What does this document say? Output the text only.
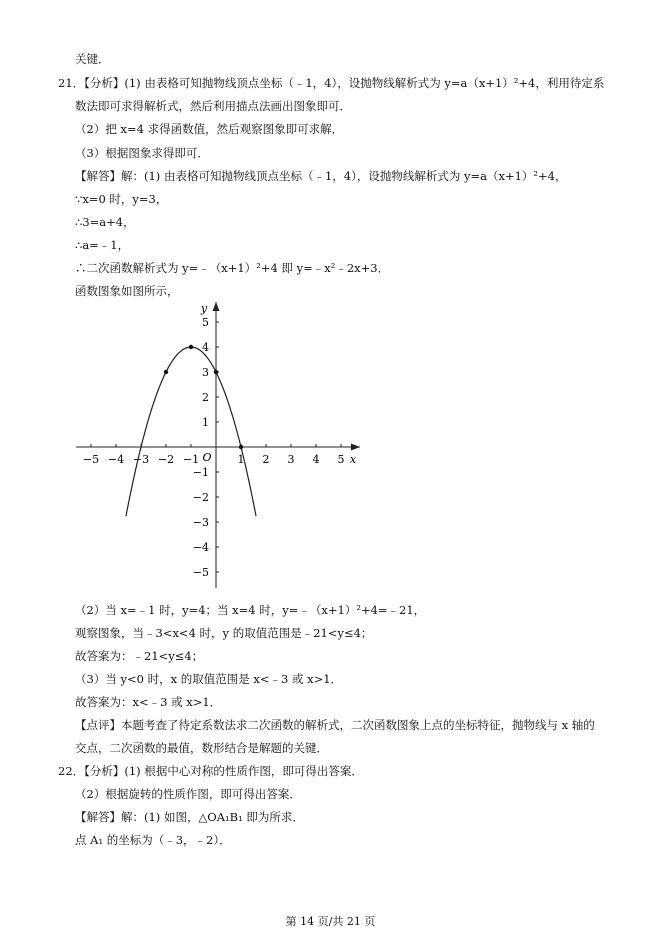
关键．
21．【分析】(1) 由表格可知抛物线顶点坐标（﹣1，4），设抛物线解析式为 y=a（x+1）²+4，利用待定系
数法即可求得解析式，然后利用描点法画出图象即可．
（2）把 x=4 求得函数值，然后观察图象即可求解．
（3）根据图象求得即可．
【解答】解：(1) 由表格可知抛物线顶点坐标（﹣1，4），设抛物线解析式为 y=a（x+1）²+4，
∵x=0 时，y=3，
∴3=a+4，
∴a=﹣1，
∴二次函数解析式为 y=﹣（x+1）²+4 即 y=﹣x²﹣2x+3．
函数图象如图所示，
（2）当 x=﹣1 时，y=4；当 x=4 时，y=﹣（x+1）²+4=﹣21，
观察图象，当﹣3<x<4 时，y 的取值范围是﹣21<y≤4；
故答案为：﹣21<y≤4；
（3）当 y<0 时，x 的取值范围是 x<﹣3 或 x>1．
故答案为：x<﹣3 或 x>1．
【点评】本题考查了待定系数法求二次函数的解析式，二次函数图象上点的坐标特征，抛物线与 x 轴的
交点，二次函数的最值，数形结合是解题的关键．
22．【分析】(1) 根据中心对称的性质作图，即可得出答案．
（2）根据旋转的性质作图，即可得出答案．
【解答】解：(1) 如图，△OA₁B₁ 即为所求．
点 A₁ 的坐标为（﹣3，﹣2）．
−5 −4 −3 −2 −1	1 2 3 4 5
5
4
3
2
1
−1
−2
−3
−4
−5
x
y
O
第 14 页/共 21 页
